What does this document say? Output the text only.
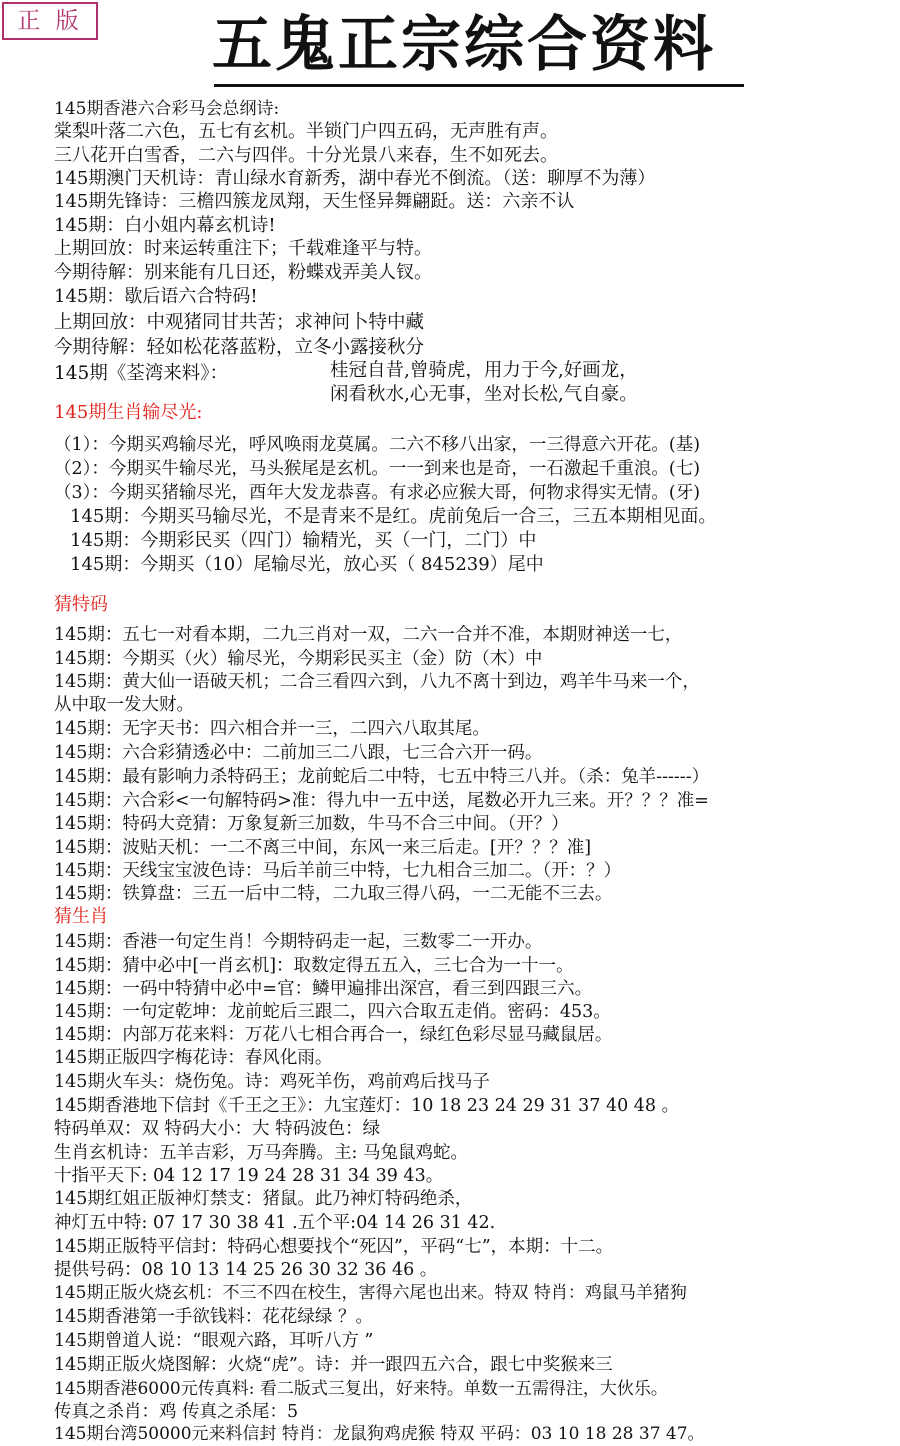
正 版 五鬼正宗综合资料
145期香港六合彩马会总纲诗:
棠梨叶落二六色，五七有玄机。半锁门户四五码，无声胜有声。
三八花开白雪香，二六与四伴。十分光景八来春，生不如死去。
145期澳门天机诗：青山绿水育新秀，湖中春光不倒流。（送：聊厚不为薄）
145期先锋诗：三檐四簇龙凤翔，天生怪异舞翩跹。送：六亲不认
145期：白小姐内幕玄机诗!
上期回放：时来运转重注下；千载难逢平与特。
今期待解：别来能有几日还，粉蝶戏弄美人钗。
145期：歇后语六合特码!
上期回放：中观猪同甘共苦；求神问卜特中藏
今期待解：轻如松花落蓝粉，立冬小露接秋分
145期《荃湾来料》：	桂冠自昔,曾骑虎，用力于今,好画龙，
闲看秋水,心无事，坐对长松,气自豪。
145期生肖输尽光:
（1）：今期买鸡输尽光，呼风唤雨龙莫属。二六不移八出家，一三得意六开花。(基)
（2）：今期买牛输尽光，马头猴尾是玄机。一一到来也是奇，一石激起千重浪。(七)
（3）：今期买猪输尽光，酉年大发龙恭喜。有求必应猴大哥，何物求得实无情。(牙)
145期：今期买马输尽光，不是青来不是红。虎前兔后一合三，三五本期相见面。
145期：今期彩民买（四门）输精光，买（一门，二门）中
145期：今期买（10）尾输尽光，放心买（ 845239）尾中
猜特码
145期：五七一对看本期，二九三肖对一双，二六一合并不准，本期财神送一七，
145期：今期买（火）输尽光，今期彩民买主（金）防（木）中
145期：黄大仙一语破天机；二合三看四六到，八九不离十到边，鸡羊牛马来一个，
从中取一发大财。
145期：无字天书：四六相合并一三，二四六八取其尾。
145期：六合彩猜透必中：二前加三二八跟，七三合六开一码。
145期：最有影响力杀特码王；龙前蛇后二中特，七五中特三八并。（杀：兔羊------）
145期：六合彩<一句解特码>准：得九中一五中送，尾数必开九三来。开？？？准=
145期：特码大竞猜：万象复新三加数，牛马不合三中间。（开？）
145期：波贴天机：一二不离三中间，东风一来三后走。[开？？？准]
145期：天线宝宝波色诗：马后羊前三中特，七九相合三加二。（开：？）
145期：铁算盘：三五一后中二特，二九取三得八码，一二无能不三去。
猜生肖
145期：香港一句定生肖！今期特码走一起，三数零二一开办。
145期：猜中必中[一肖玄机]：取数定得五五入，三七合为一十一。
145期：一码中特猜中必中=官：鳞甲遍排出深宫，看三到四跟三六。
145期：一句定乾坤：龙前蛇后三跟二，四六合取五走俏。密码：453。
145期：内部万花来料：万花八七相合再合一，绿红色彩尽显马藏鼠居。
145期正版四字梅花诗：春风化雨。
145期火车头：烧伤兔。诗：鸡死羊伤，鸡前鸡后找马子
145期香港地下信封《千王之王》：九宝莲灯：10 18 23 24 29 31 37 40 48 。
特码单双：双 特码大小：大 特码波色：绿
生肖玄机诗：五羊吉彩，万马奔腾。主: 马兔鼠鸡蛇。
十指平天下: 04 12 17 19 24 28 31 34 39 43。
145期红姐正版神灯禁支：猪鼠。此乃神灯特码绝杀，
神灯五中特: 07 17 30 38 41 .五个平:04 14 26 31 42.
145期正版特平信封：特码心想要找个“死囚”，平码“七”，本期：十二。
提供号码：08 10 13 14 25 26 30 32 36 46 。
145期正版火烧玄机：不三不四在校生，害得六尾也出来。特双 特肖：鸡鼠马羊猪狗
145期香港第一手欲钱料：花花绿绿 ？。
145期曾道人说：“眼观六路，耳听八方 ”
145期正版火烧图解：火烧“虎”。诗：并一跟四五六合，跟七中奖猴来三
145期香港6000元传真料: 看二版式三复出，好来特。单数一五需得注，大伙乐。
传真之杀肖：鸡 传真之杀尾：5
145期台湾50000元来料信封 特肖：龙鼠狗鸡虎猴 特双 平码：03 10 18 28 37 47。
